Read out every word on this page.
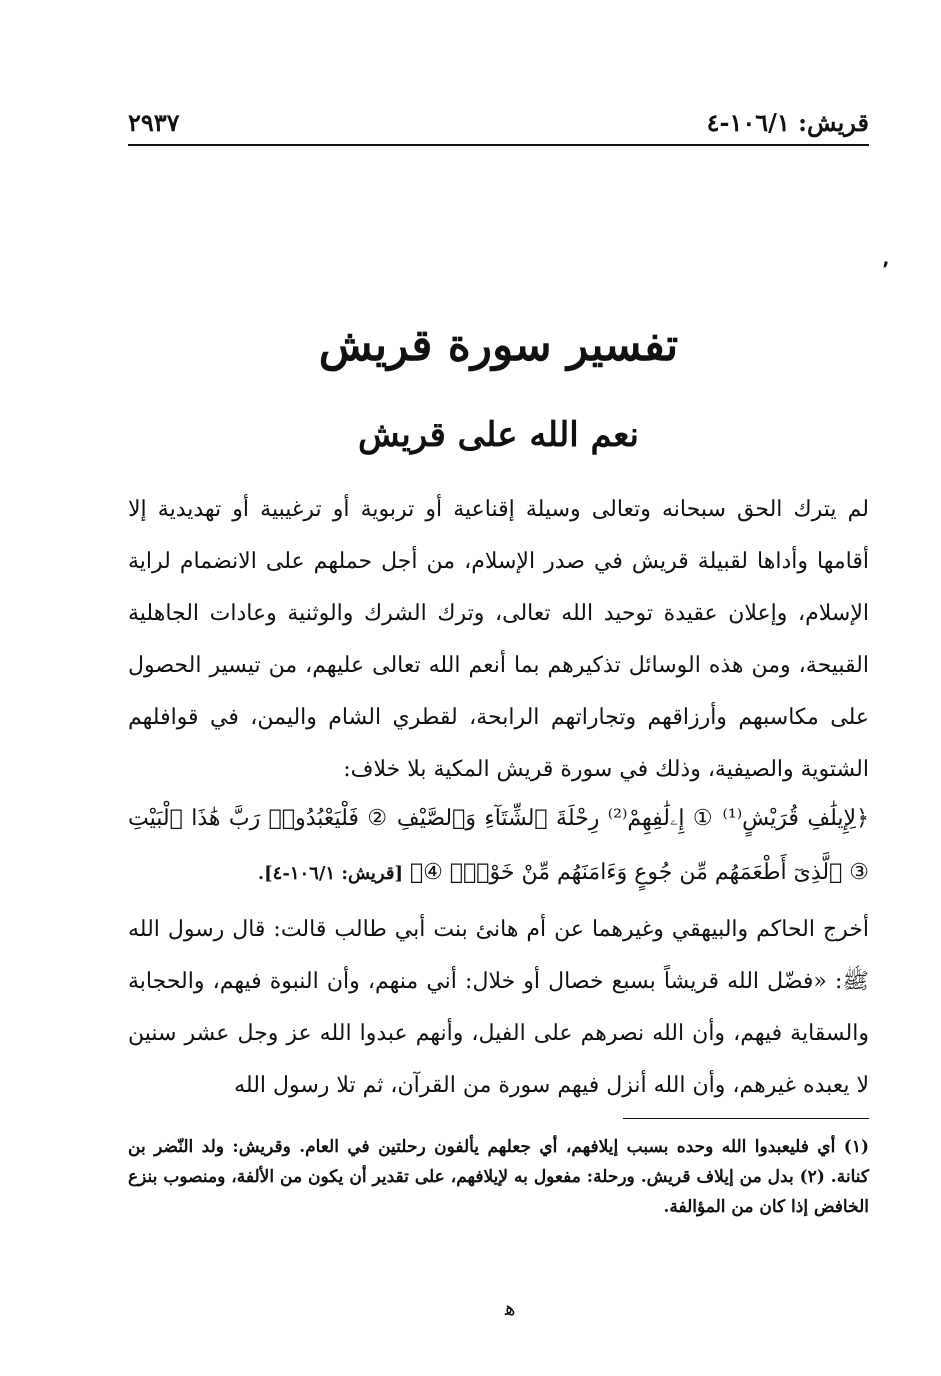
٢٩٣٧	قريش: ١٠٦/١-٤
٬
تفسير سورة قريش
نعم الله على قريش
لم يترك الحق سبحانه وتعالى وسيلة إقناعية أو تربوية أو ترغيبية أو تهديدية إلا أقامها وأداها لقبيلة قريش في صدر الإسلام، من أجل حملهم على الانضمام لراية الإسلام، وإعلان عقيدة توحيد الله تعالى، وترك الشرك والوثنية وعادات الجاهلية القبيحة، ومن هذه الوسائل تذكيرهم بما أنعم الله تعالى عليهم، من تيسير الحصول على مكاسبهم وأرزاقهم وتجاراتهم الرابحة، لقطري الشام واليمن، في قوافلهم الشتوية والصيفية، وذلك في سورة قريش المكية بلا خلاف:
﴿لِإِيلَٰفِ قُرَيْشٍ⁽¹⁾ ① إِۦلَٰفِهِمْ⁽²⁾ رِحْلَةَ ٱلشِّتَآءِ وَٱلصَّيْفِ ② فَلْيَعْبُدُوا۟ رَبَّ هَٰذَا ٱلْبَيْتِ ③ ٱلَّذِىٓ أَطْعَمَهُم مِّن جُوعٍ وَءَامَنَهُم مِّنْ خَوْفٍۭ ④﴾ [قريش: ١٠٦/١-٤].
أخرج الحاكم والبيهقي وغيرهما عن أم هانئ بنت أبي طالب قالت: قال رسول الله ﷺ: «فضّل الله قريشاً بسبع خصال أو خلال: أني منهم، وأن النبوة فيهم، والحجابة والسقاية فيهم، وأن الله نصرهم على الفيل، وأنهم عبدوا الله عز وجل عشر سنين لا يعبده غيرهم، وأن الله أنزل فيهم سورة من القرآن، ثم تلا رسول الله
(١) أي فليعبدوا الله وحده بسبب إيلافهم، أي جعلهم يألفون رحلتين في العام. وقريش: ولد النّضر بن كنانة. (٢) بدل من إيلاف قريش. ورحلة: مفعول به لإيلافهم، على تقدير أن يكون من الألفة، ومنصوب بنزع الخافض إذا كان من المؤالفة.
ﻫ
